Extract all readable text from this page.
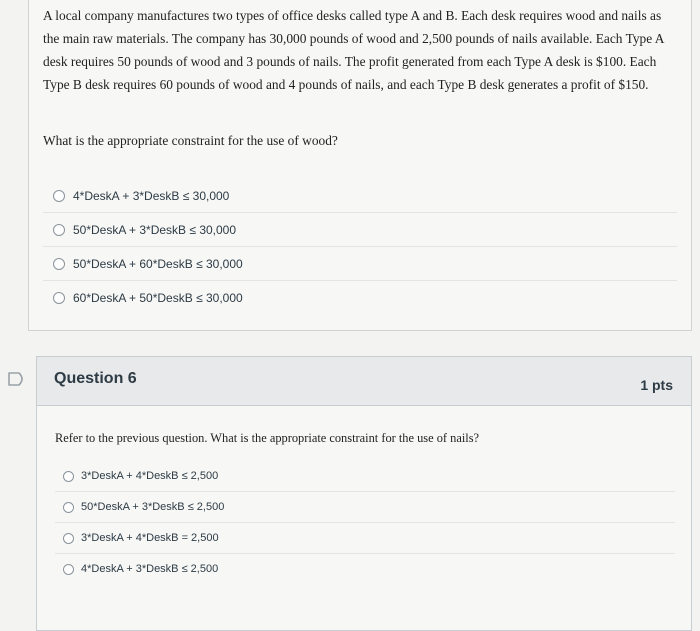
A local company manufactures two types of office desks called type A and B. Each desk requires wood and nails as the main raw materials. The company has 30,000 pounds of wood and 2,500 pounds of nails available. Each Type A desk requires 50 pounds of wood and 3 pounds of nails. The profit generated from each Type A desk is $100. Each Type B desk requires 60 pounds of wood and 4 pounds of nails, and each Type B desk generates a profit of $150.
What is the appropriate constraint for the use of wood?
4*DeskA + 3*DeskB ≤ 30,000
50*DeskA + 3*DeskB ≤ 30,000
50*DeskA + 60*DeskB ≤ 30,000
60*DeskA + 50*DeskB ≤ 30,000
Question 6	1 pts
Refer to the previous question. What is the appropriate constraint for the use of nails?
3*DeskA + 4*DeskB ≤ 2,500
50*DeskA + 3*DeskB ≤ 2,500
3*DeskA + 4*DeskB = 2,500
4*DeskA + 3*DeskB ≤ 2,500
